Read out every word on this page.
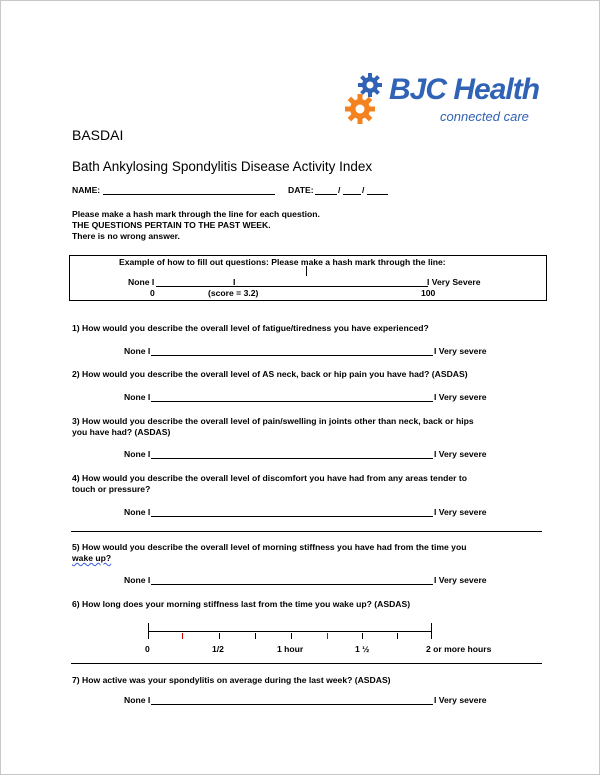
BJC Health
connected care
BASDAI
Bath Ankylosing Spondylitis Disease Activity Index
NAME:	DATE:	/	/
Please make a hash mark through the line for each question.
THE QUESTIONS PERTAIN TO THE PAST WEEK.
There is no wrong answer.
Example of how to fill out questions: Please make a hash mark through the line:
None I	I	I Very Severe
0	(score = 3.2)	100
1) How would you describe the overall level of fatigue/tiredness you have experienced?
None I	I Very severe
2) How would you describe the overall level of AS neck, back or hip pain you have had? (ASDAS)
None I	I Very severe
3) How would you describe the overall level of pain/swelling in joints other than neck, back or hips
you have had? (ASDAS)
None I	I Very severe
4) How would you describe the overall level of discomfort you have had from any areas tender to
touch or pressure?
None I	I Very severe
5) How would you describe the overall level of morning stiffness you have had from the time you
wake up?
None I	I Very severe
6) How long does your morning stiffness last from the time you wake up? (ASDAS)
0	1/2	1 hour	1 ½	2 or more hours
7) How active was your spondylitis on average during the last week? (ASDAS)
None I	I Very severe
